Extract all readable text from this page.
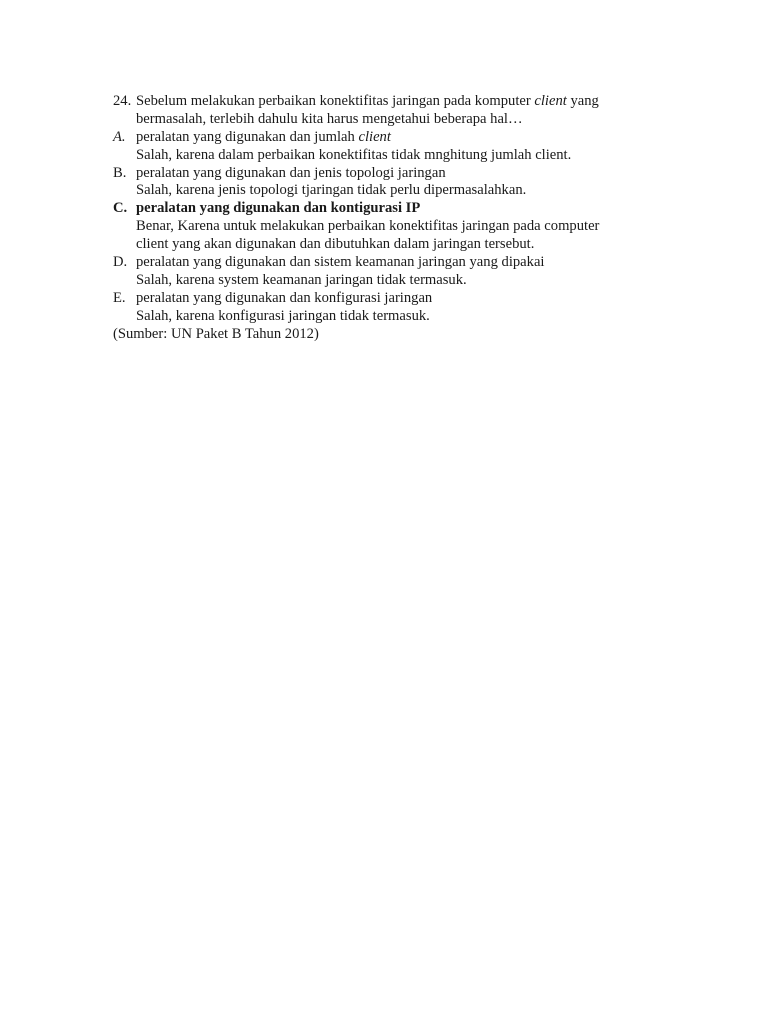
24. Sebelum melakukan perbaikan konektifitas jaringan pada komputer client yang
bermasalah, terlebih dahulu kita harus mengetahui beberapa hal…
A. peralatan yang digunakan dan jumlah client
Salah, karena dalam perbaikan konektifitas tidak mnghitung jumlah client.
B. peralatan yang digunakan dan jenis topologi jaringan
Salah, karena jenis topologi tjaringan tidak perlu dipermasalahkan.
C. peralatan yang digunakan dan kontigurasi IP
Benar, Karena untuk melakukan perbaikan konektifitas jaringan pada computer
client yang akan digunakan dan dibutuhkan dalam jaringan tersebut.
D. peralatan yang digunakan dan sistem keamanan jaringan yang dipakai
Salah, karena system keamanan jaringan tidak termasuk.
E. peralatan yang digunakan dan konfigurasi jaringan
Salah, karena konfigurasi jaringan tidak termasuk.
(Sumber: UN Paket B Tahun 2012)
